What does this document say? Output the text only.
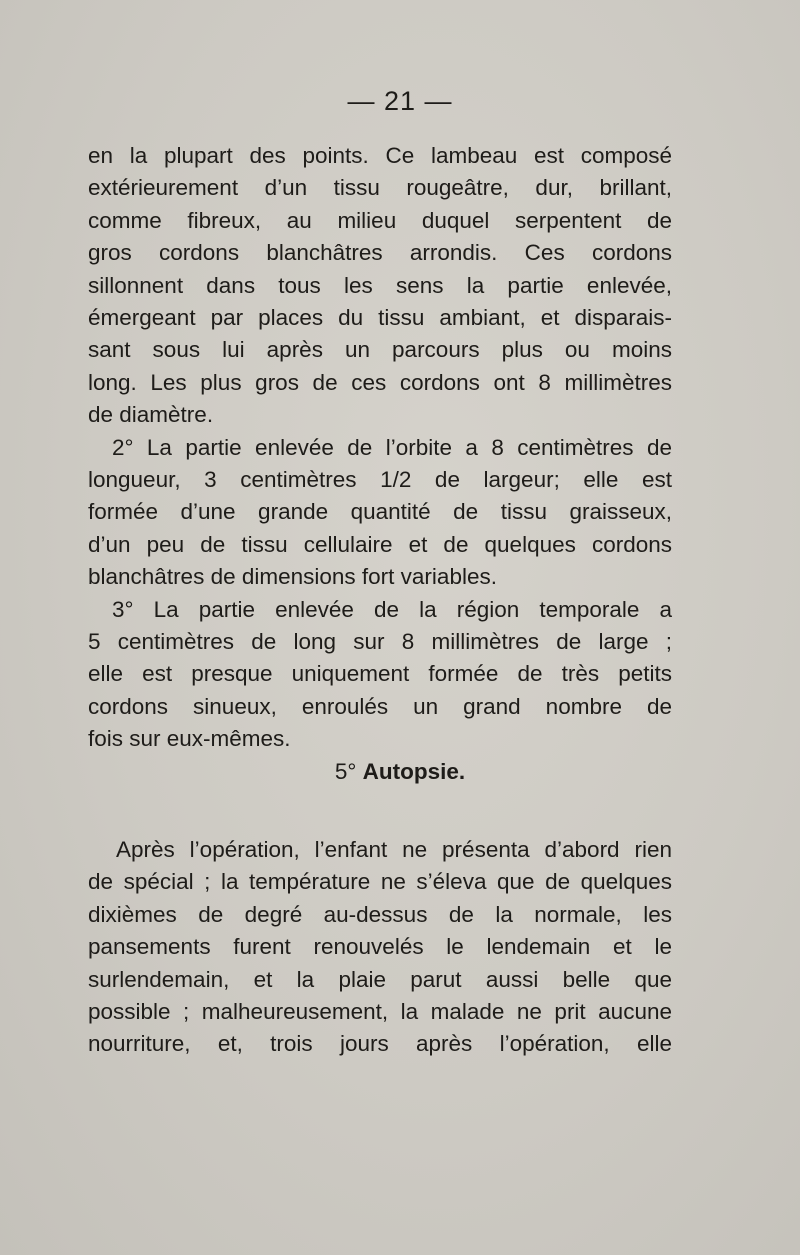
— 21 —
en la plupart des points. Ce lambeau est composé
extérieurement d’un tissu rougeâtre, dur, brillant,
comme fibreux, au milieu duquel serpentent de
gros cordons blanchâtres arrondis. Ces cordons
sillonnent dans tous les sens la partie enlevée,
émergeant par places du tissu ambiant, et disparais-
sant sous lui après un parcours plus ou moins
long. Les plus gros de ces cordons ont 8 millimètres
de diamètre.
2° La partie enlevée de l’orbite a 8 centimètres de
longueur, 3 centimètres 1/2 de largeur; elle est
formée d’une grande quantité de tissu graisseux,
d’un peu de tissu cellulaire et de quelques cordons
blanchâtres de dimensions fort variables.
3° La partie enlevée de la région temporale a
5 centimètres de long sur 8 millimètres de large ;
elle est presque uniquement formée de très petits
cordons sinueux, enroulés un grand nombre de
fois sur eux-mêmes.
5° Autopsie.
Après l’opération, l’enfant ne présenta d’abord rien
de spécial ; la température ne s’éleva que de quelques
dixièmes de degré au-dessus de la normale, les
pansements furent renouvelés le lendemain et le
surlendemain, et la plaie parut aussi belle que
possible ; malheureusement, la malade ne prit aucune
nourriture, et, trois jours après l’opération, elle
